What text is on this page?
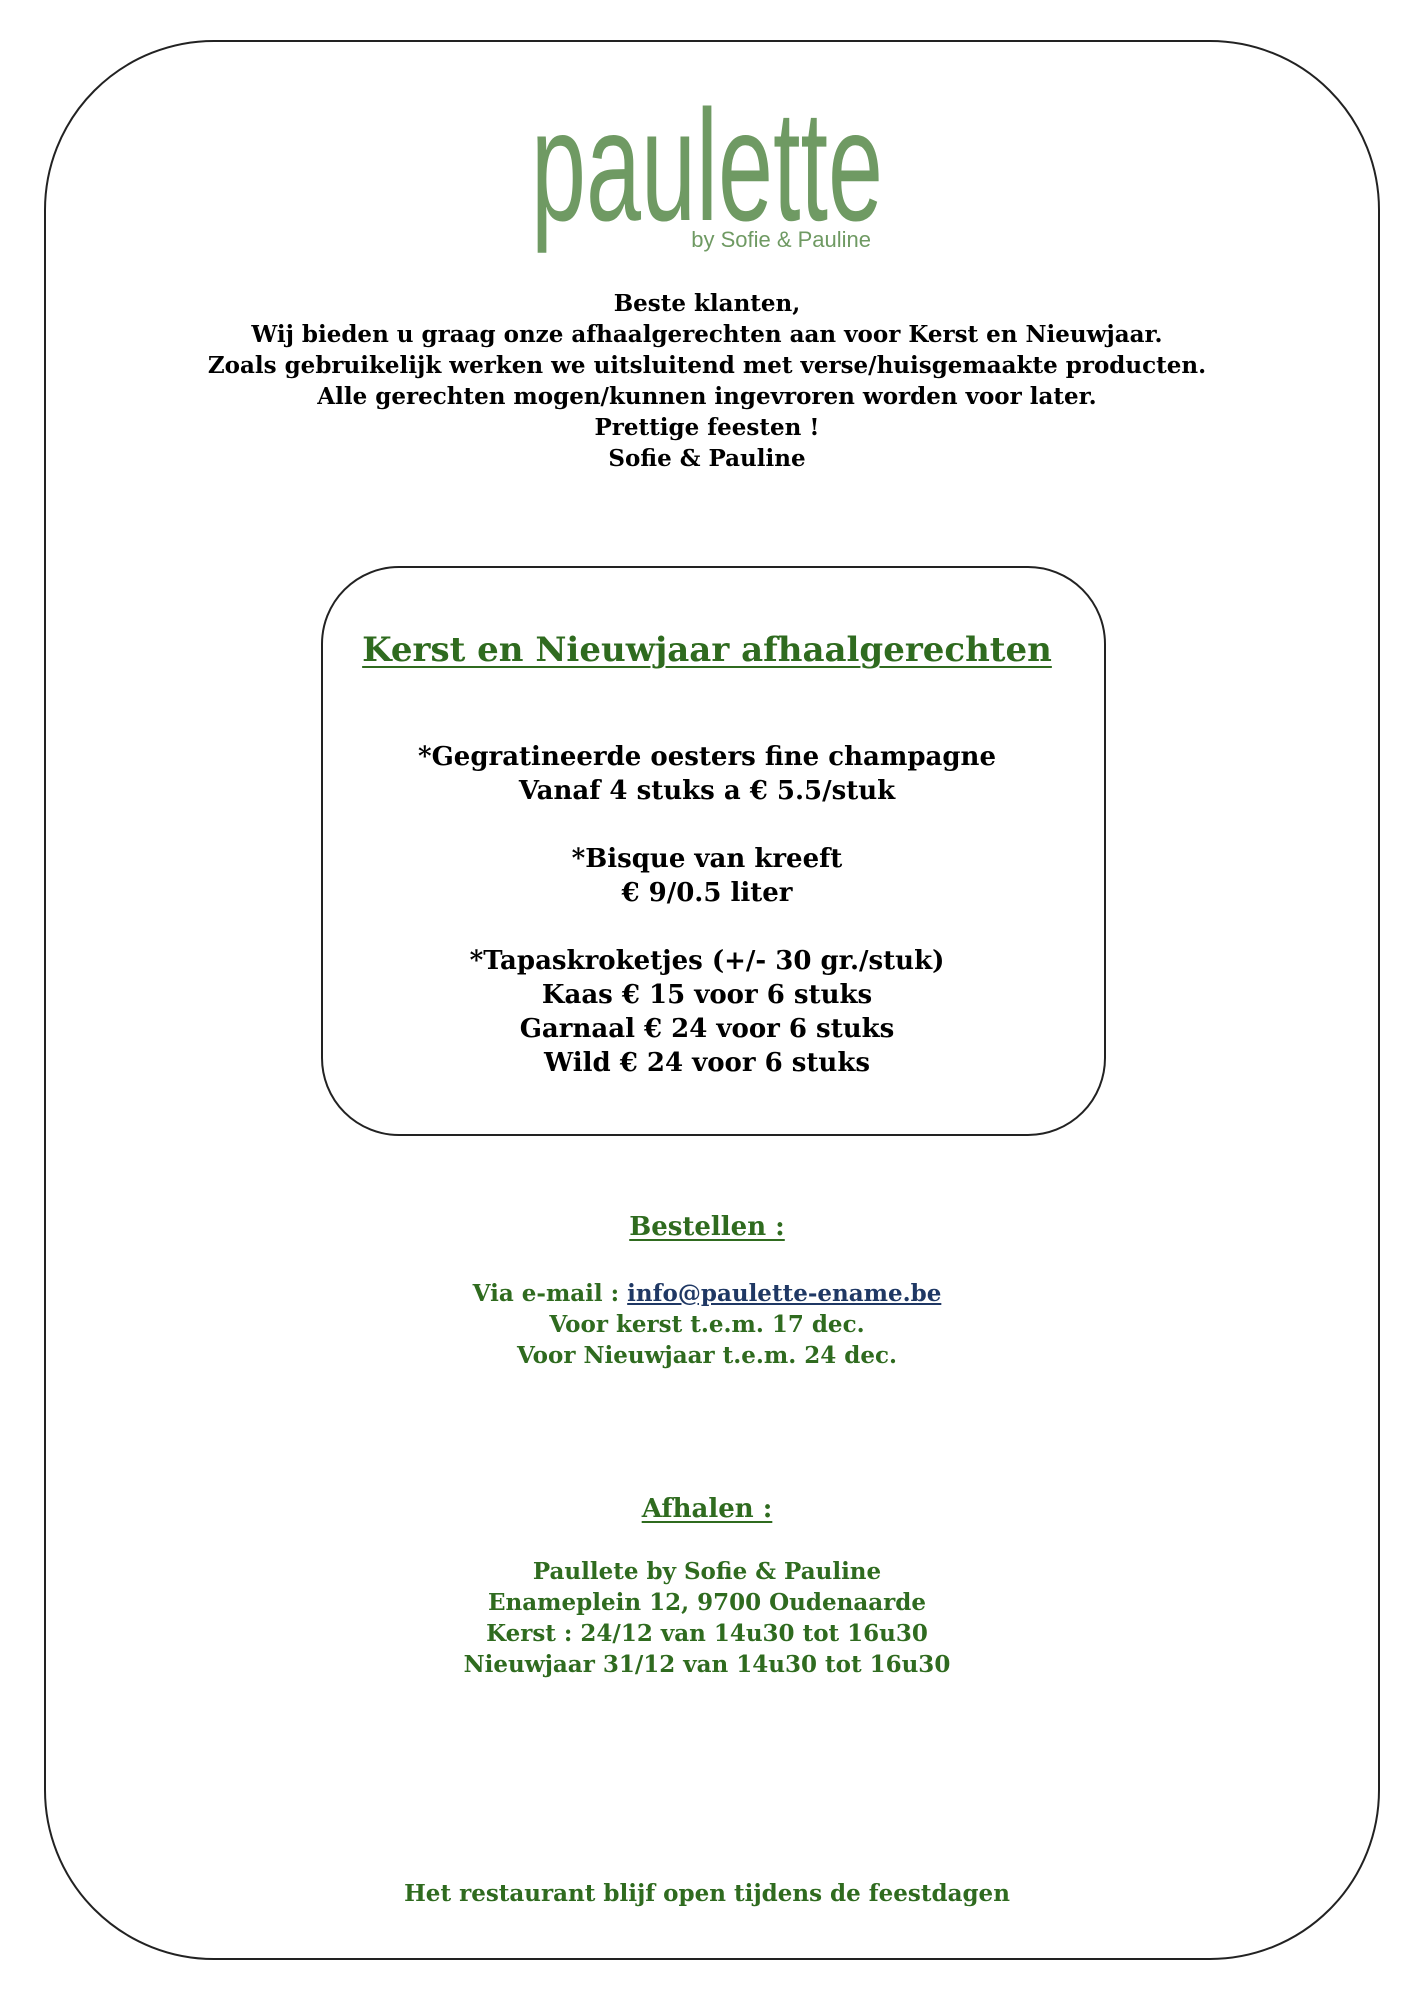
paulette
by Sofie & Pauline
Beste klanten,
Wij bieden u graag onze afhaalgerechten aan voor Kerst en Nieuwjaar.
Zoals gebruikelijk werken we uitsluitend met verse/huisgemaakte producten.
Alle gerechten mogen/kunnen ingevroren worden voor later.
Prettige feesten !
Sofie & Pauline
Kerst en Nieuwjaar afhaalgerechten
*Gegratineerde oesters fine champagne
Vanaf 4 stuks a € 5.5/stuk
*Bisque van kreeft
€ 9/0.5 liter
*Tapaskroketjes (+/- 30 gr./stuk)
Kaas € 15 voor 6 stuks
Garnaal € 24 voor 6 stuks
Wild € 24 voor 6 stuks
Bestellen :
Via e-mail : info@paulette-ename.be
Voor kerst t.e.m. 17 dec.
Voor Nieuwjaar t.e.m. 24 dec.
Afhalen :
Paullete by Sofie & Pauline
Enameplein 12, 9700 Oudenaarde
Kerst : 24/12 van 14u30 tot 16u30
Nieuwjaar 31/12 van 14u30 tot 16u30
Het restaurant blijf open tijdens de feestdagen
